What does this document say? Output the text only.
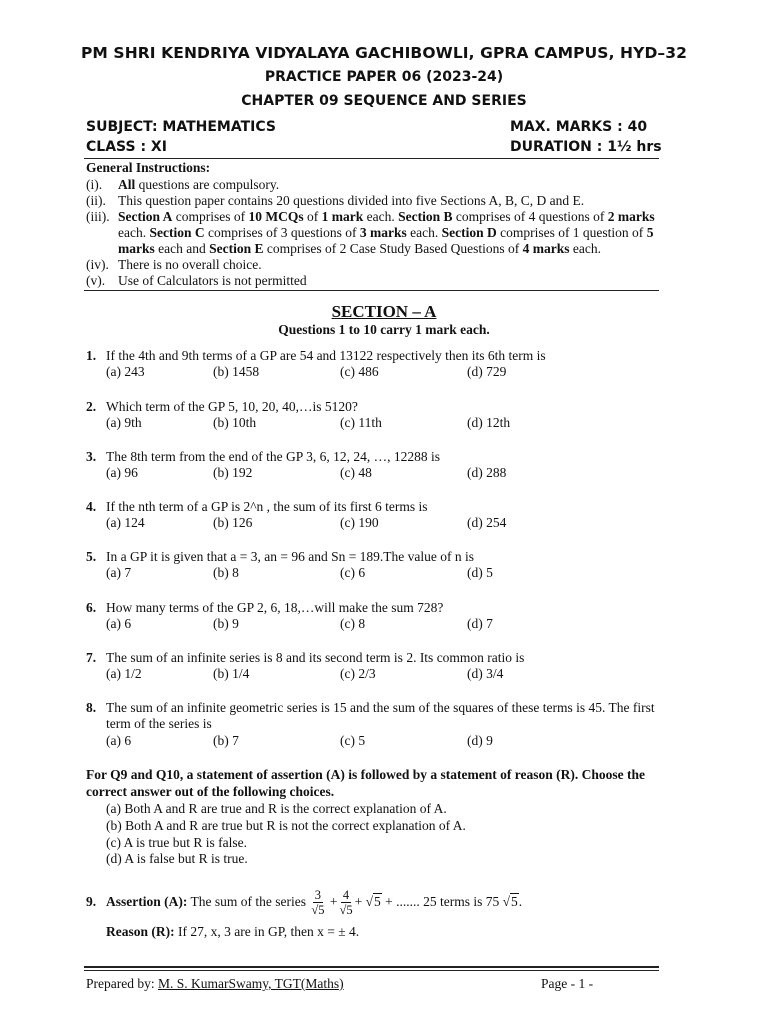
PM SHRI KENDRIYA VIDYALAYA GACHIBOWLI, GPRA CAMPUS, HYD–32
PRACTICE PAPER 06 (2023-24)
CHAPTER 09 SEQUENCE AND SERIES
SUBJECT: MATHEMATICS	MAX. MARKS : 40
CLASS : XI	DURATION : 1½ hrs
General Instructions:
(i). All questions are compulsory.
(ii). This question paper contains 20 questions divided into five Sections A, B, C, D and E.
(iii). Section A comprises of 10 MCQs of 1 mark each. Section B comprises of 4 questions of 2 marks
each. Section C comprises of 3 questions of 3 marks each. Section D comprises of 1 question of 5
marks each and Section E comprises of 2 Case Study Based Questions of 4 marks each.
(iv). There is no overall choice.
(v). Use of Calculators is not permitted
SECTION – A
Questions 1 to 10 carry 1 mark each.
1. If the 4th and 9th terms of a GP are 54 and 13122 respectively then its 6th term is
(a) 243	(b) 1458	(c) 486	(d) 729
2. Which term of the GP 5, 10, 20, 40,…is 5120?
(a) 9th	(b) 10th	(c) 11th	(d) 12th
3. The 8th term from the end of the GP 3, 6, 12, 24, …, 12288 is
(a) 96	(b) 192	(c) 48	(d) 288
4. If the nth term of a GP is 2^n , the sum of its first 6 terms is
(a) 124	(b) 126	(c) 190	(d) 254
5. In a GP it is given that a = 3, an = 96 and Sn = 189.The value of n is
(a) 7	(b) 8	(c) 6	(d) 5
6. How many terms of the GP 2, 6, 18,…will make the sum 728?
(a) 6	(b) 9	(c) 8	(d) 7
7. The sum of an infinite series is 8 and its second term is 2. Its common ratio is
(a) 1/2	(b) 1/4	(c) 2/3	(d) 3/4
8. The sum of an infinite geometric series is 15 and the sum of the squares of these terms is 45. The first
term of the series is
(a) 6	(b) 7	(c) 5	(d) 9
For Q9 and Q10, a statement of assertion (A) is followed by a statement of reason (R). Choose the
correct answer out of the following choices.
(a) Both A and R are true and R is the correct explanation of A.
(b) Both A and R are true but R is not the correct explanation of A.
(c) A is true but R is false.
(d) A is false but R is true.
9. Assertion (A): The sum of the series $\frac{3}{√5} + \frac{4}{√5}$ + √ 5
+ ....... 25 terms is 75 √ 5 .
Reason (R): If 27, x, 3 are in GP, then x = ± 4.
Prepared by: M. S. KumarSwamy, TGT(Maths)	Page - 1 -
